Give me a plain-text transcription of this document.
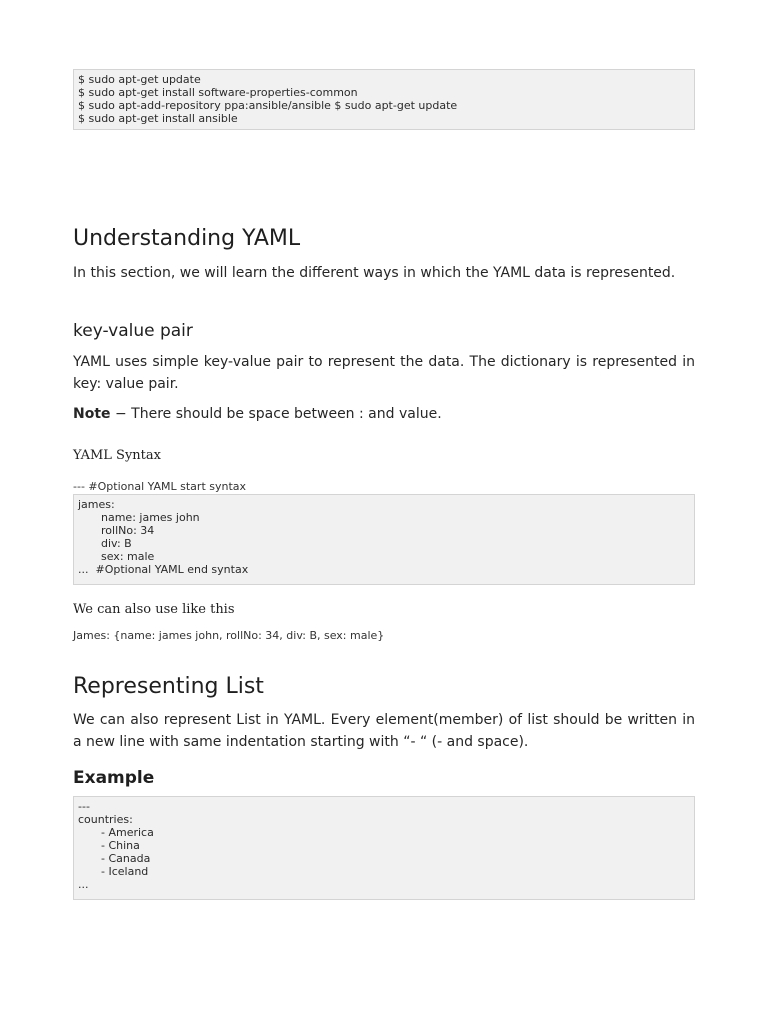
$ sudo apt-get update
$ sudo apt-get install software-properties-common
$ sudo apt-add-repository ppa:ansible/ansible $ sudo apt-get update
$ sudo apt-get install ansible
Understanding YAML

In this section, we will learn the different ways in which the YAML data is represented.

key-value pair

YAML uses simple key-value pair to represent the data. The dictionary is represented in key: value pair.

Note − There should be space between : and value.

YAML Syntax
--- #Optional YAML start syntax
james:
name: james john
rollNo: 34
div: B
sex: male
...  #Optional YAML end syntax
We can also use like this
James: {name: james john, rollNo: 34, div: B, sex: male}
Representing List

We can also represent List in YAML. Every element(member) of list should be written in a new line with same indentation starting with “- “ (- and space).

Example
---
countries:
- America
- China
- Canada
- Iceland
...
